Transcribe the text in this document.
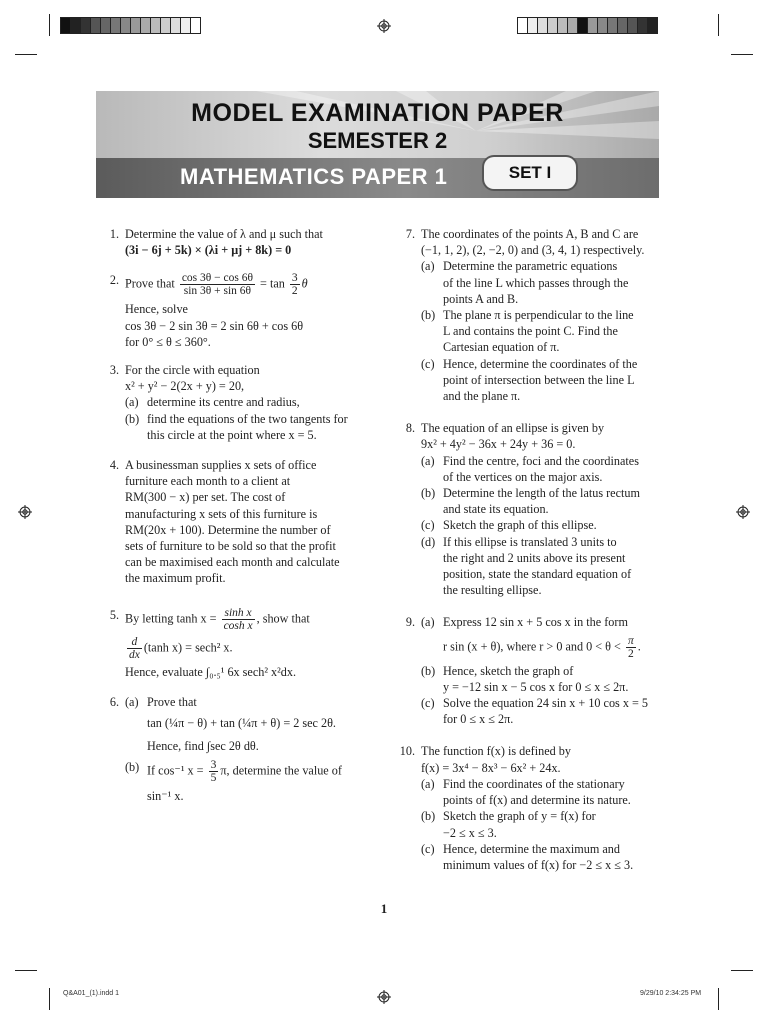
MODEL EXAMINATION PAPER
SEMESTER 2
MATHEMATICS PAPER 1	SET I
1. Determine the value of λ and μ such that
(3i − 6j + 5k) × (λi + μj + 8k) = 0
2. Prove that $\frac{\cos 3\theta - \cos 6\theta}{\sin 3\theta + \sin 6\theta} = \tan \frac{3}{2}$ θ
Hence, solve
cos 3θ − 2 sin 3θ = 2 sin 6θ + cos 6θ
for 0° ≤ θ ≤ 360°.
3. For the circle with equation
x² + y² − 2(2x + y) = 20,
(a) determine its centre and radius,
(b) find the equations of the two tangents for
this circle at the point where x = 5.
4. A businessman supplies x sets of office
furniture each month to a client at
RM(300 − x) per set. The cost of
manufacturing x sets of this furniture is
RM(20x + 100). Determine the number of
sets of furniture to be sold so that the profit
can be maximised each month and calculate
the maximum profit.
5. By letting $\tanh x = \frac{\text{sinh x}}{\text{cosh x}}$ , show that
$\frac{d}{dx} (\tanh$ x) = sech² x.
Hence, evaluate ∫₀.₅¹ 6x sech² x²dx.
6. (a) Prove that
tan (¼π − θ) + tan (¼π + θ) = 2 sec 2θ.
Hence, find ∫sec 2θ dθ.
(b) If cos⁻¹ $x = \frac{3}{5} \pi$, determine the value of
sin⁻¹ x.
7. The coordinates of the points A, B and C are
(−1, 1, 2), (2, −2, 0) and (3, 4, 1) respectively.
(a) Determine the parametric equations
of the line L which passes through the
points A and B.
(b) The plane π is perpendicular to the line
L and contains the point C. Find the
Cartesian equation of π.
(c) Hence, determine the coordinates of the
point of intersection between the line L
and the plane π.
8. The equation of an ellipse is given by
9x² + 4y² − 36x + 24y + 36 = 0.
(a) Find the centre, foci and the coordinates
of the vertices on the major axis.
(b) Determine the length of the latus rectum
and state its equation.
(c) Sketch the graph of this ellipse.
(d) If this ellipse is translated 3 units to
the right and 2 units above its present
position, state the standard equation of
the resulting ellipse.
9. (a) Express 12 sin x + 5 cos x in the form
r sin (x + θ), where r > 0 and $0 < \theta < \frac{\pi}{2}$ .
(b) Hence, sketch the graph of
y = −12 sin x − 5 cos x for 0 ≤ x ≤ 2π.
(c) Solve the equation 24 sin x + 10 cos x = 5
for 0 ≤ x ≤ 2π.
10. The function f(x) is defined by
f(x) = 3x⁴ − 8x³ − 6x² + 24x.
(a) Find the coordinates of the stationary
points of f(x) and determine its nature.
(b) Sketch the graph of y = f(x) for
−2 ≤ x ≤ 3.
(c) Hence, determine the maximum and
minimum values of f(x) for −2 ≤ x ≤ 3.
1
Q&A01_(1).indd 1	9/29/10 2:34:25 PM
